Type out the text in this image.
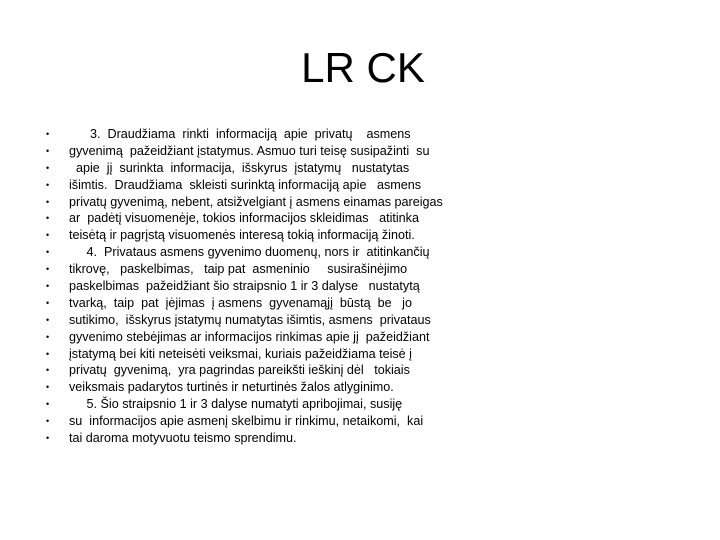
LR CK
• 3.  Draudžiama  rinkti  informaciją  apie  privatų    asmens
• gyvenimą  pažeidžiant įstatymus. Asmuo turi teisę susipažinti  su
• apie  jį  surinkta  informacija,  išskyrus  įstatymų   nustatytas
• išimtis.  Draudžiama  skleisti surinktą informaciją apie   asmens
• privatų gyvenimą, nebent, atsižvelgiant į asmens einamas pareigas
• ar  padėtį visuomenėje, tokios informacijos skleidimas   atitinka
• teisėtą ir pagrįstą visuomenės interesą tokią informaciją žinoti.
• 4.  Privataus asmens gyvenimo duomenų, nors ir  atitinkančių
• tikrovę,   paskelbimas,   taip pat  asmeninio     susirašinėjimo
• paskelbimas  pažeidžiant šio straipsnio 1 ir 3 dalyse   nustatytą
• tvarką,  taip  pat  įėjimas  į asmens  gyvenamąjį  būstą  be   jo
• sutikimo,  išskyrus įstatymų numatytas išimtis, asmens  privataus
• gyvenimo stebėjimas ar informacijos rinkimas apie jį  pažeidžiant
• įstatymą bei kiti neteisėti veiksmai, kuriais pažeidžiama teisė į
• privatų  gyvenimą,  yra pagrindas pareikšti ieškinį dėl   tokiais
• veiksmais padarytos turtinės ir neturtinės žalos atlyginimo.
• 5. Šio straipsnio 1 ir 3 dalyse numatyti apribojimai, susiję
• su  informacijos apie asmenį skelbimu ir rinkimu, netaikomi,  kai
• tai daroma motyvuotu teismo sprendimu.
